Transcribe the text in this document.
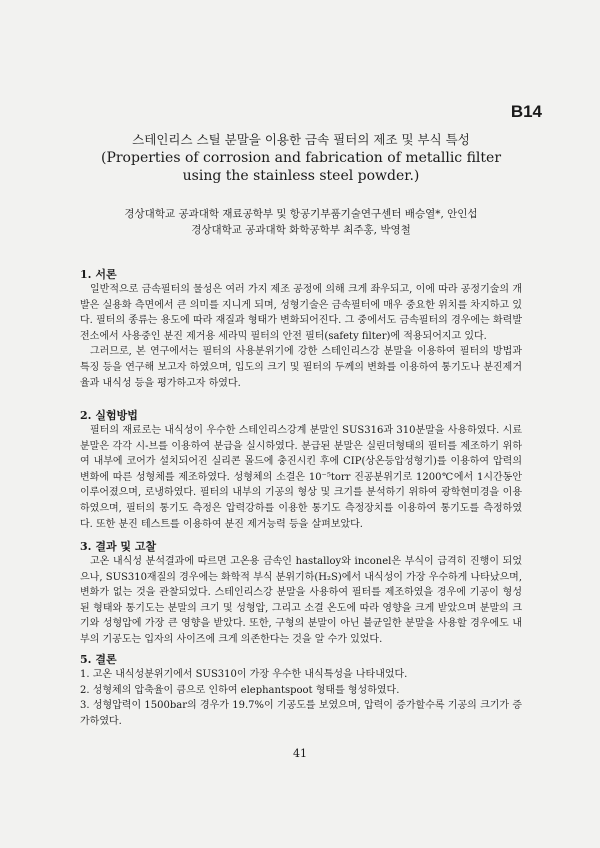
B14
스테인리스 스틸 분말을 이용한 금속 필터의 제조 및 부식 특성
(Properties of corrosion and fabrication of metallic filter using the stainless steel powder.)
경상대학교 공과대학 재료공학부 및 항공기부품기술연구센터 배승열*, 안인섭
경상대학교 공과대학 화학공학부 최주홍, 박영철
1. 서론

일반적으로 금속필터의 물성은 여러 가지 제조 공정에 의해 크게 좌우되고, 이에 따라 공정기술의 개발은 실용화 측면에서 큰 의미를 지니게 되며, 성형기술은 금속필터에 매우 중요한 위치를 차지하고 있다. 필터의 종류는 용도에 따라 재질과 형태가 변화되어진다. 그 중에서도 금속필터의 경우에는 화력발전소에서 사용중인 분진 제거용 세라믹 필터의 안전 필터(safety filter)에 적용되어지고 있다.

그러므로, 본 연구에서는 필터의 사용분위기에 강한 스테인리스강 분말을 이용하여 필터의 방법과 특징 등을 연구해 보고자 하였으며, 입도의 크기 및 필터의 두께의 변화를 이용하여 통기도나 분진제거율과 내식성 등을 평가하고자 하였다.

2. 실험방법

필터의 재료로는 내식성이 우수한 스테인리스강계 분말인 SUS316과 310분말을 사용하였다. 시료분말은 각각 시-브를 이용하여 분급을 실시하였다. 분급된 분말은 실린더형태의 필터를 제조하기 위하여 내부에 코어가 설치되어진 실리콘 몰드에 충진시킨 후에 CIP(상온등압성형기)를 이용하여 압력의 변화에 따른 성형체를 제조하였다. 성형체의 소결은 10⁻⁵torr 진공분위기로 1200℃에서 1시간동안 이루어졌으며, 로냉하였다. 필터의 내부의 기공의 형상 및 크기를 분석하기 위하여 광학현미경을 이용하였으며, 필터의 통기도 측정은 압력강하를 이용한 통기도 측정장치를 이용하여 통기도를 측정하였다. 또한 분진 테스트를 이용하여 분진 제거능력 등을 살펴보았다.

3. 결과 및 고찰

고온 내식성 분석결과에 따르면 고온용 금속인 hastalloy와 inconel은 부식이 급격히 진행이 되었으나, SUS310재질의 경우에는 화학적 부식 분위기하(H₂S)에서 내식성이 가장 우수하게 나타났으며, 변화가 없는 것을 관찰되었다. 스테인리스강 분말을 사용하여 필터를 제조하였을 경우에 기공이 형성된 형태와 통기도는 분말의 크기 및 성형압, 그리고 소결 온도에 따라 영향을 크게 받았으며 분말의 크기와 성형압에 가장 큰 영향을 받았다. 또한, 구형의 분말이 아닌 불균일한 분말을 사용할 경우에도 내부의 기공도는 입자의 사이즈에 크게 의존한다는 것을 알 수가 있었다.

5. 결론

1. 고온 내식성분위기에서 SUS310이 가장 우수한 내식특성을 나타내었다.

2. 성형체의 압축율이 큼으로 인하여 elephantspoot 형태를 형성하였다.

3. 성형압력이 1500bar의 경우가 19.7%이 기공도를 보였으며, 압력이 증가할수록 기공의 크기가 증가하였다.

41
